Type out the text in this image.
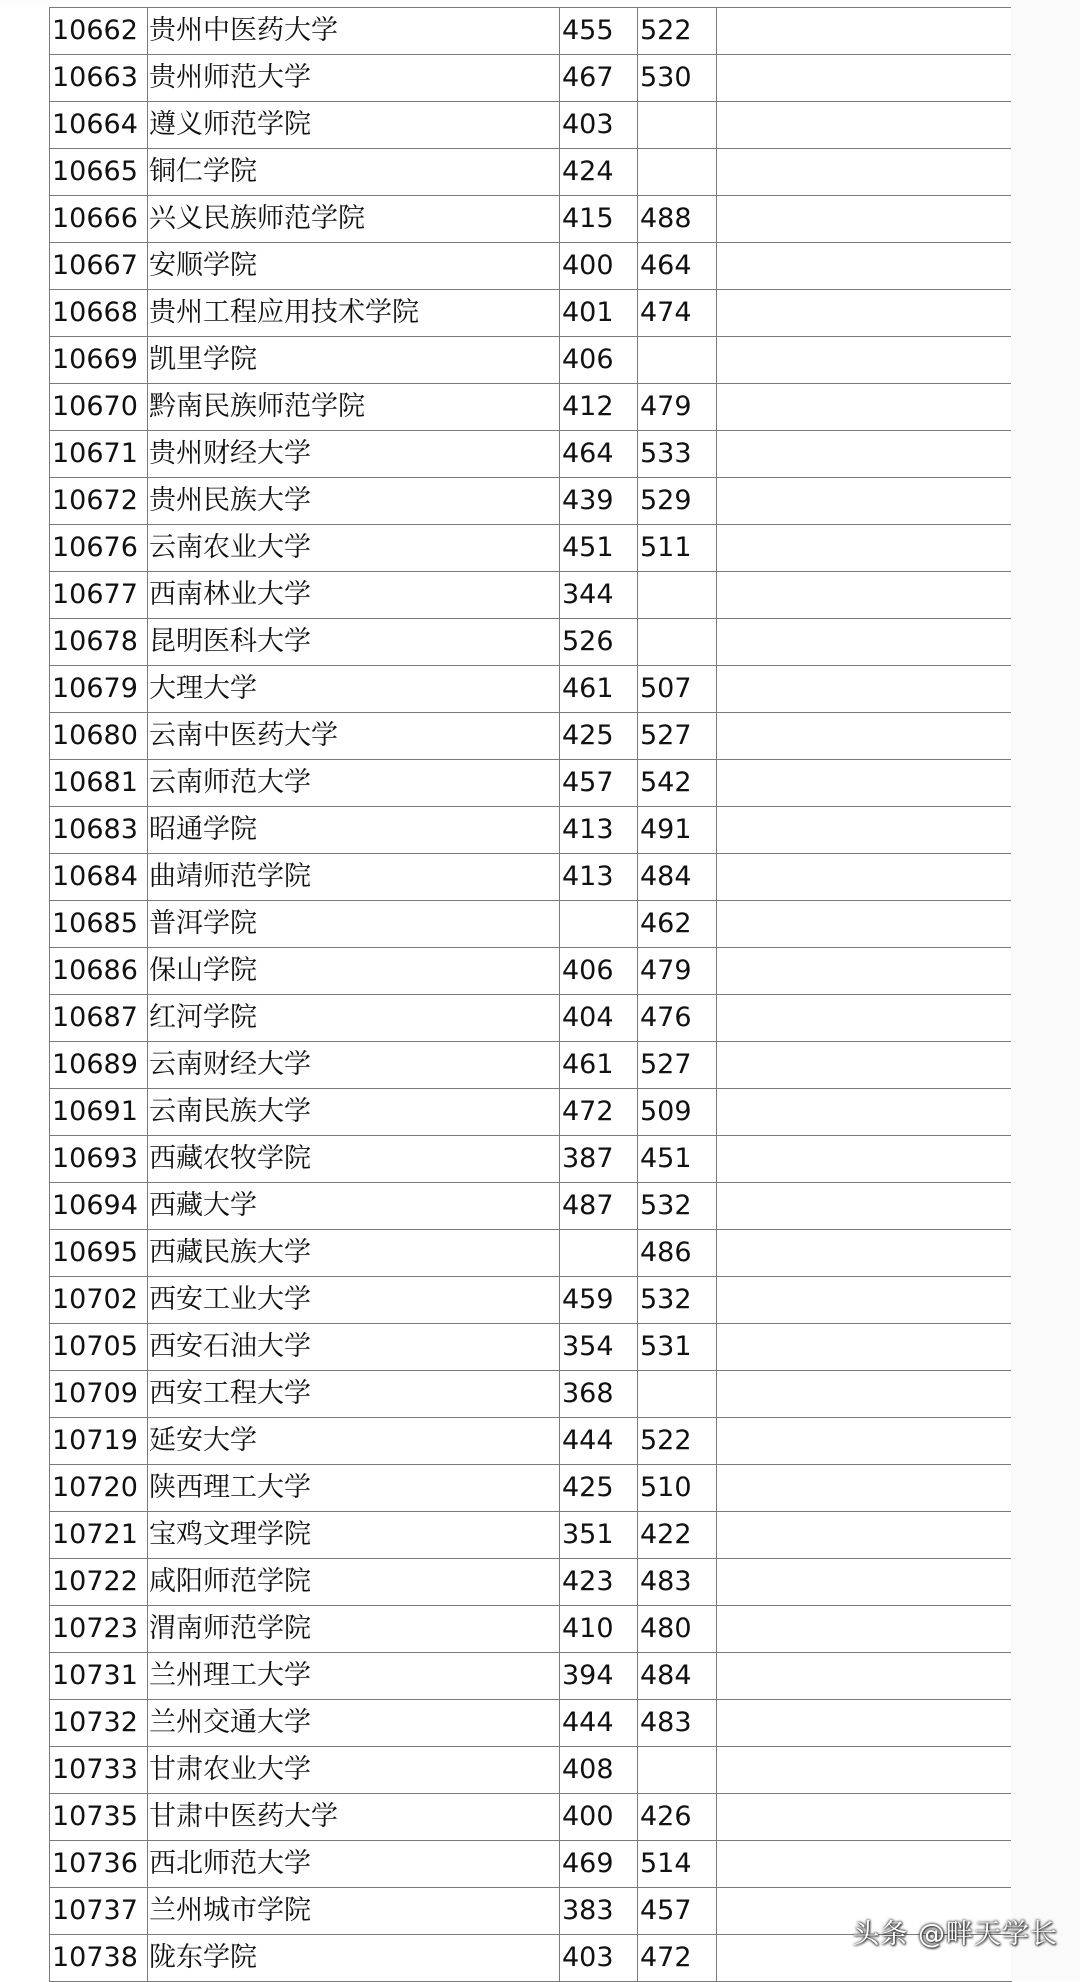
10662	贵州中医药大学	455	522	
10663	贵州师范大学	467	530	
10664	遵义师范学院	403		
10665	铜仁学院	424		
10666	兴义民族师范学院	415	488	
10667	安顺学院	400	464	
10668	贵州工程应用技术学院	401	474	
10669	凯里学院	406		
10670	黔南民族师范学院	412	479	
10671	贵州财经大学	464	533	
10672	贵州民族大学	439	529	
10676	云南农业大学	451	511	
10677	西南林业大学	344		
10678	昆明医科大学	526		
10679	大理大学	461	507	
10680	云南中医药大学	425	527	
10681	云南师范大学	457	542	
10683	昭通学院	413	491	
10684	曲靖师范学院	413	484	
10685	普洱学院		462	
10686	保山学院	406	479	
10687	红河学院	404	476	
10689	云南财经大学	461	527	
10691	云南民族大学	472	509	
10693	西藏农牧学院	387	451	
10694	西藏大学	487	532	
10695	西藏民族大学		486	
10702	西安工业大学	459	532	
10705	西安石油大学	354	531	
10709	西安工程大学	368		
10719	延安大学	444	522	
10720	陕西理工大学	425	510	
10721	宝鸡文理学院	351	422	
10722	咸阳师范学院	423	483	
10723	渭南师范学院	410	480	
10731	兰州理工大学	394	484	
10732	兰州交通大学	444	483	
10733	甘肃农业大学	408		
10735	甘肃中医药大学	400	426	
10736	西北师范大学	469	514	
10737	兰州城市学院	383	457	
10738	陇东学院	403	472	
头条 @畔天学长
